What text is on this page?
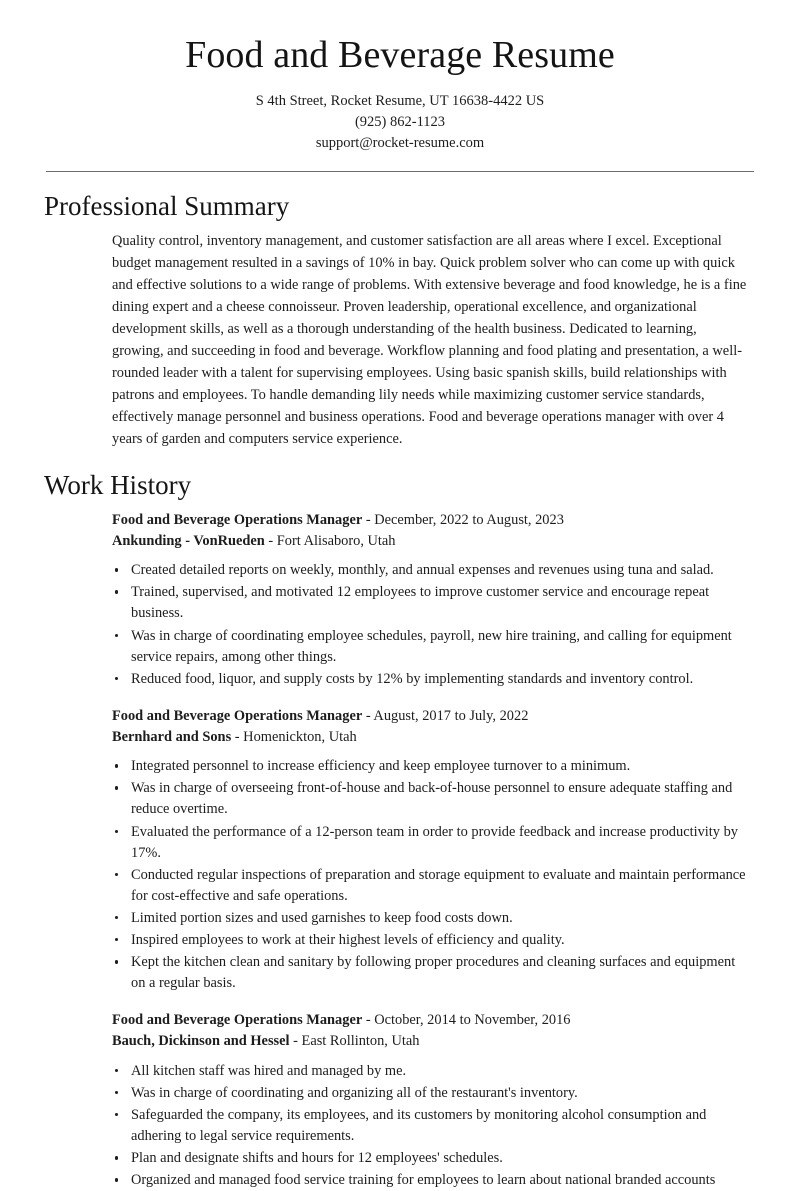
Food and Beverage Resume
S 4th Street, Rocket Resume, UT 16638-4422 US
(925) 862-1123
support@rocket-resume.com
Professional Summary

Quality control, inventory management, and customer satisfaction are all areas where I excel. Exceptional budget management resulted in a savings of 10% in bay. Quick problem solver who can come up with quick and effective solutions to a wide range of problems. With extensive beverage and food knowledge, he is a fine dining expert and a cheese connoisseur. Proven leadership, operational excellence, and organizational development skills, as well as a thorough understanding of the health business. Dedicated to learning, growing, and succeeding in food and beverage. Workflow planning and food plating and presentation, a well-rounded leader with a talent for supervising employees. Using basic spanish skills, build relationships with patrons and employees. To handle demanding lily needs while maximizing customer service standards, effectively manage personnel and business operations. Food and beverage operations manager with over 4 years of garden and computers service experience.

Work History
Food and Beverage Operations Manager - December, 2022 to August, 2023
Ankunding - VonRueden - Fort Alisaboro, Utah
Created detailed reports on weekly, monthly, and annual expenses and revenues using tuna and salad.
Trained, supervised, and motivated 12 employees to improve customer service and encourage repeat business.
Was in charge of coordinating employee schedules, payroll, new hire training, and calling for equipment service repairs, among other things.
Reduced food, liquor, and supply costs by 12% by implementing standards and inventory control.
Food and Beverage Operations Manager - August, 2017 to July, 2022
Bernhard and Sons - Homenickton, Utah
Integrated personnel to increase efficiency and keep employee turnover to a minimum.
Was in charge of overseeing front-of-house and back-of-house personnel to ensure adequate staffing and reduce overtime.
Evaluated the performance of a 12-person team in order to provide feedback and increase productivity by 17%.
Conducted regular inspections of preparation and storage equipment to evaluate and maintain performance for cost-effective and safe operations.
Limited portion sizes and used garnishes to keep food costs down.
Inspired employees to work at their highest levels of efficiency and quality.
Kept the kitchen clean and sanitary by following proper procedures and cleaning surfaces and equipment on a regular basis.
Food and Beverage Operations Manager - October, 2014 to November, 2016
Bauch, Dickinson and Hessel - East Rollinton, Utah
All kitchen staff was hired and managed by me.
Was in charge of coordinating and organizing all of the restaurant's inventory.
Safeguarded the company, its employees, and its customers by monitoring alcohol consumption and adhering to legal service requirements.
Plan and designate shifts and hours for 12 employees' schedules.
Organized and managed food service training for employees to learn about national branded accounts
